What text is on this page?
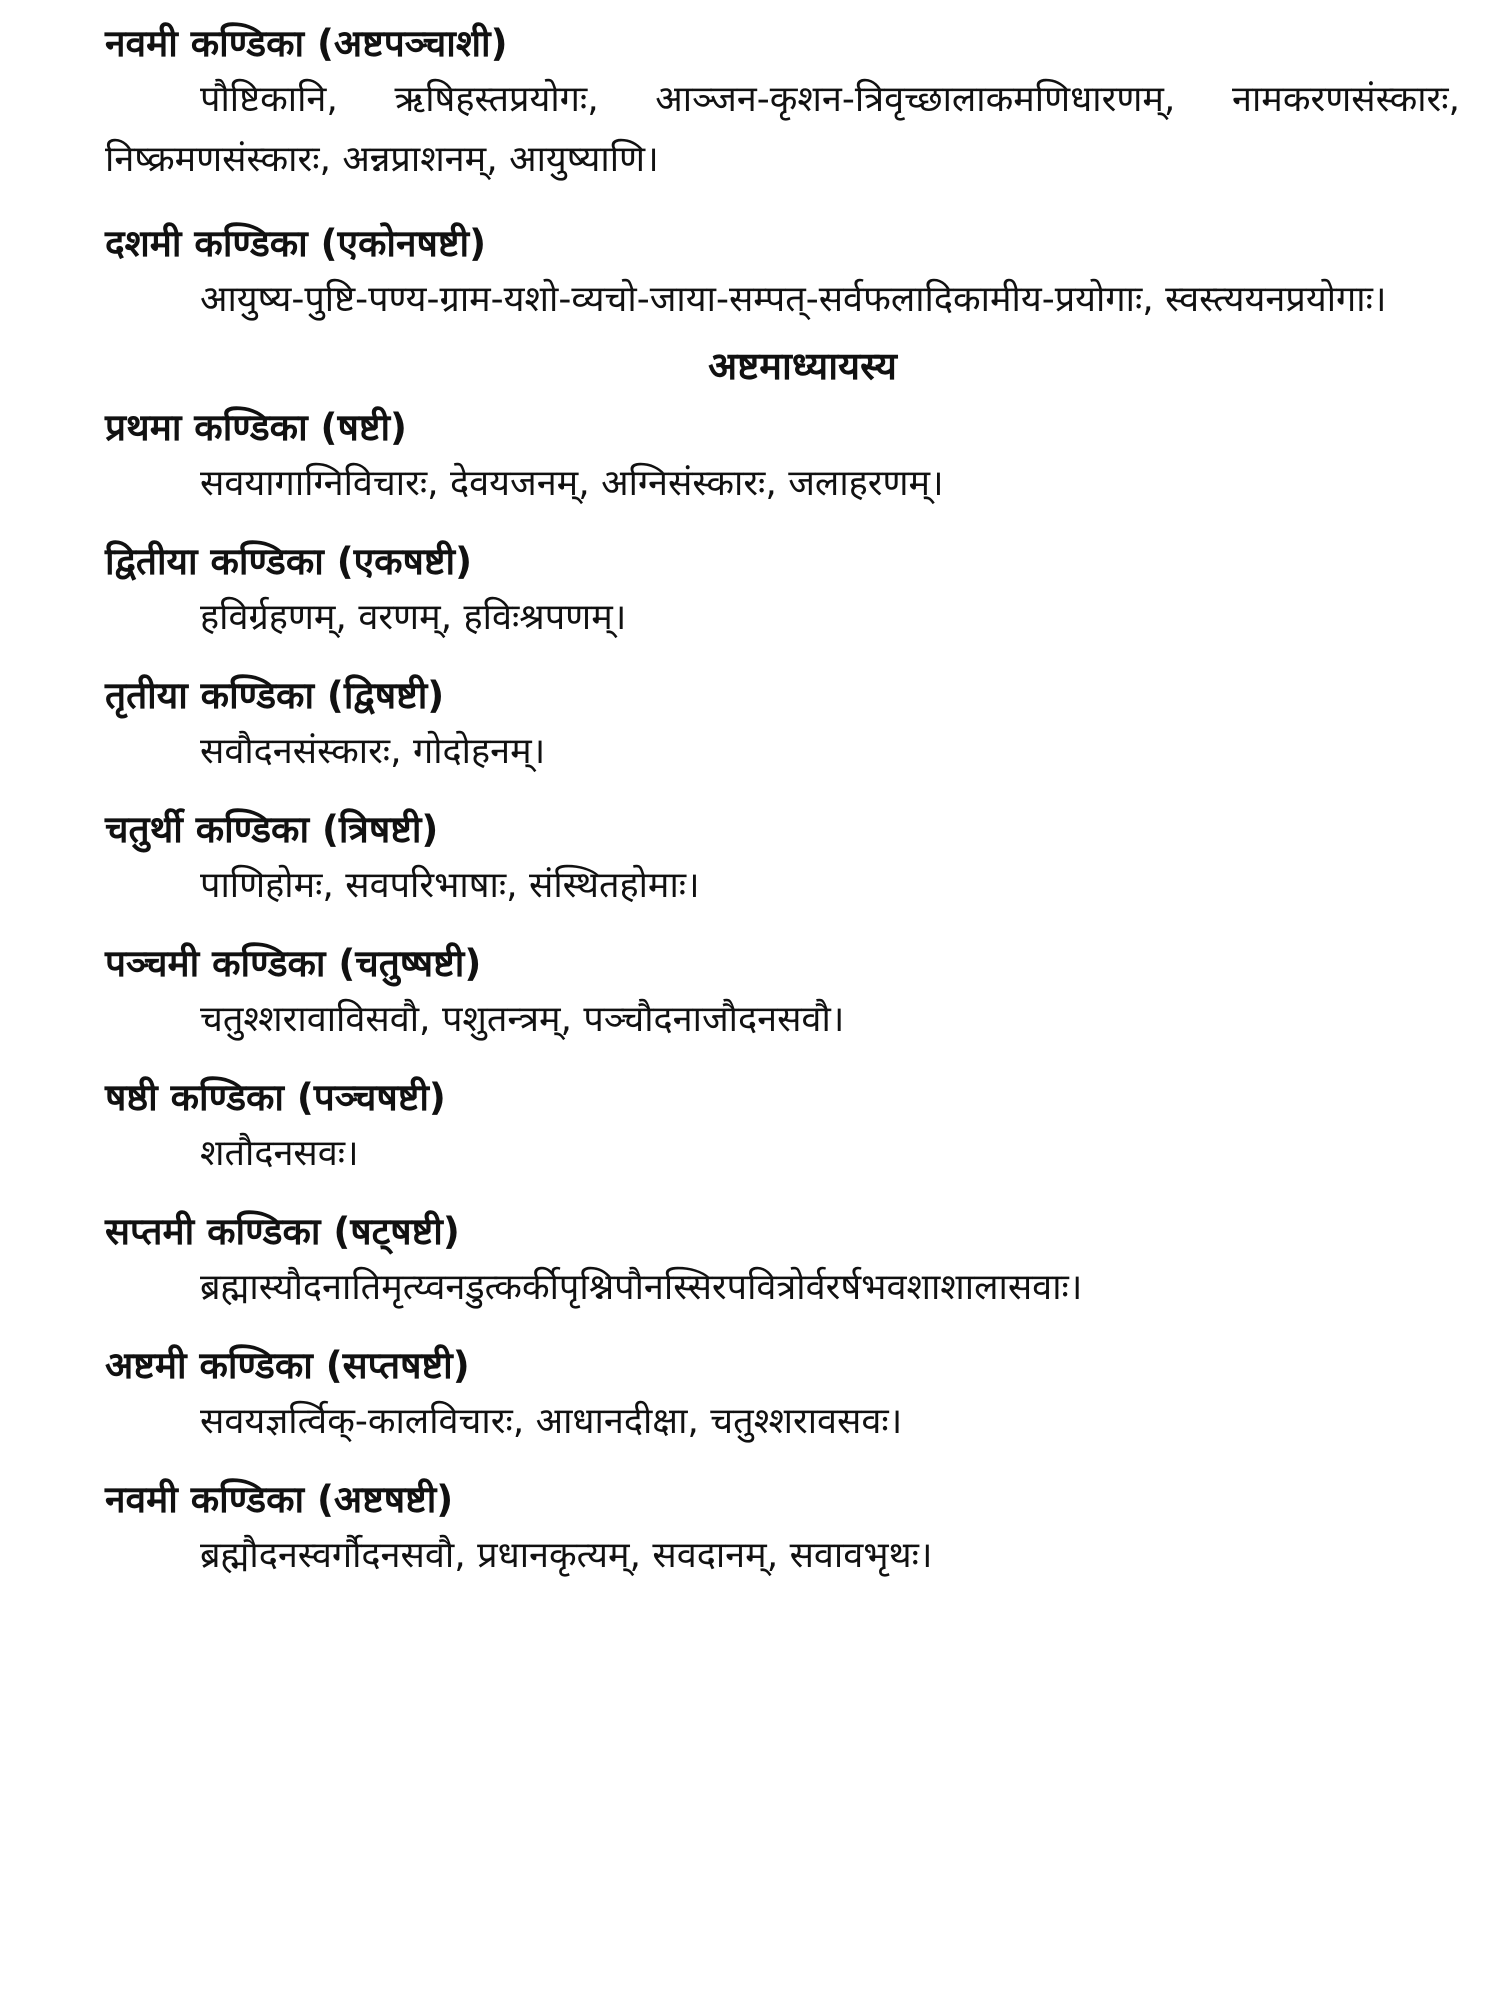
नवमी कण्डिका (अष्टपञ्चाशी)

पौष्टिकानि, ऋषिहस्तप्रयोगः, आञ्जन-कृशन-त्रिवृच्छालाकमणिधारणम्, नामकरणसंस्कारः, निष्क्रमणसंस्कारः, अन्नप्राशनम्, आयुष्याणि।

दशमी कण्डिका (एकोनषष्टी)

आयुष्य-पुष्टि-पण्य-ग्राम-यशो-व्यचो-जाया-सम्पत्-सर्वफलादिकामीय-प्रयोगाः, स्वस्त्ययनप्रयोगाः।

अष्टमाध्यायस्य

प्रथमा कण्डिका (षष्टी)

सवयागाग्निविचारः, देवयजनम्, अग्निसंस्कारः, जलाहरणम्।

द्वितीया कण्डिका (एकषष्टी)

हविर्ग्रहणम्, वरणम्, हविःश्रपणम्।

तृतीया कण्डिका (द्विषष्टी)

सवौदनसंस्कारः, गोदोहनम्।

चतुर्थी कण्डिका (त्रिषष्टी)

पाणिहोमः, सवपरिभाषाः, संस्थितहोमाः।

पञ्चमी कण्डिका (चतुष्षष्टी)

चतुश्शरावाविसवौ, पशुतन्त्रम्, पञ्चौदनाजौदनसवौ।

षष्ठी कण्डिका (पञ्चषष्टी)

शतौदनसवः।

सप्तमी कण्डिका (षट्षष्टी)

ब्रह्मास्यौदनातिमृत्य्वनडुत्कर्कीपृश्निपौनस्सिरपवित्रोर्वरर्षभवशाशालासवाः।

अष्टमी कण्डिका (सप्तषष्टी)

सवयज्ञर्त्विक्-कालविचारः, आधानदीक्षा, चतुश्शरावसवः।

नवमी कण्डिका (अष्टषष्टी)

ब्रह्मौदनस्वर्गौदनसवौ, प्रधानकृत्यम्, सवदानम्, सवावभृथः।
